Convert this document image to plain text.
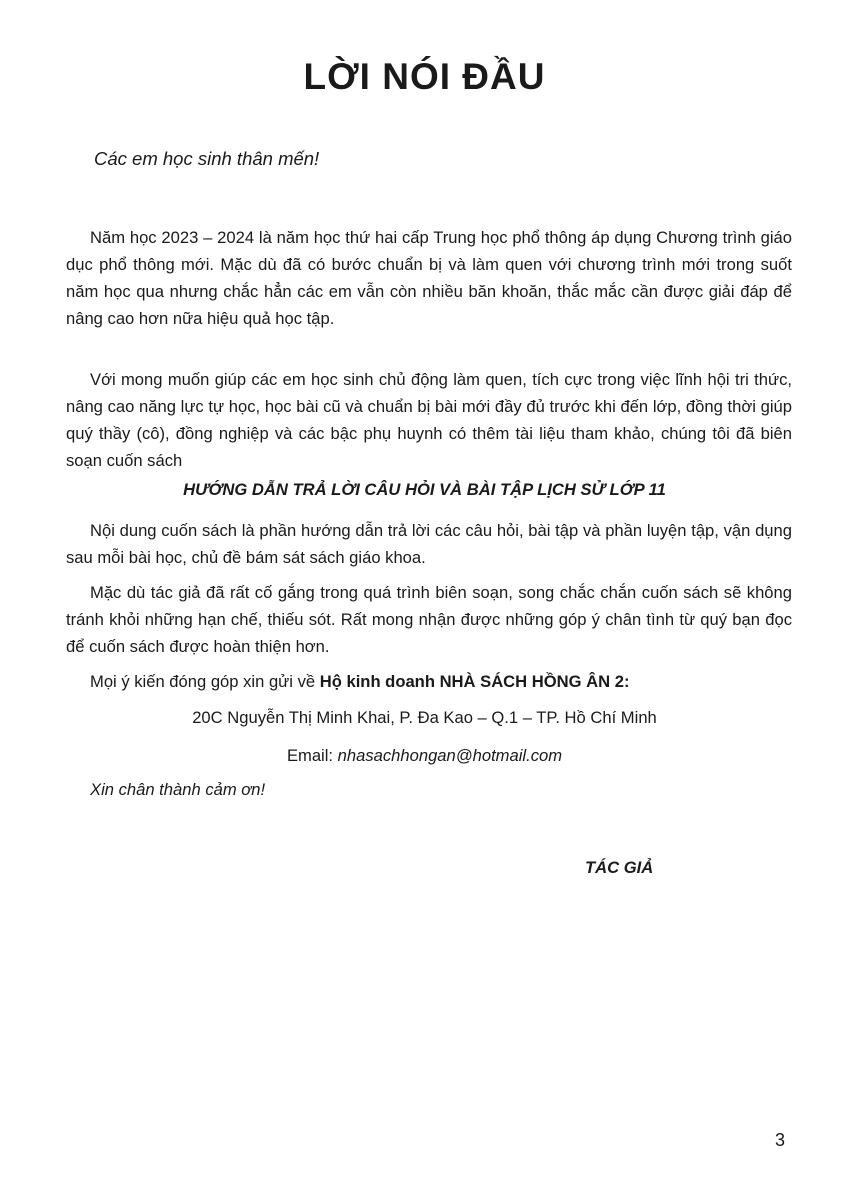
LỜI NÓI ĐẦU

Các em học sinh thân mến!

Năm học 2023 – 2024 là năm học thứ hai cấp Trung học phổ thông áp dụng Chương trình giáo dục phổ thông mới. Mặc dù đã có bước chuẩn bị và làm quen với chương trình mới trong suốt năm học qua nhưng chắc hẳn các em vẫn còn nhiều băn khoăn, thắc mắc cần được giải đáp để nâng cao hơn nữa hiệu quả học tập.

Với mong muốn giúp các em học sinh chủ động làm quen, tích cực trong việc lĩnh hội tri thức, nâng cao năng lực tự học, học bài cũ và chuẩn bị bài mới đầy đủ trước khi đến lớp, đồng thời giúp quý thầy (cô), đồng nghiệp và các bậc phụ huynh có thêm tài liệu tham khảo, chúng tôi đã biên soạn cuốn sách

HƯỚNG DẪN TRẢ LỜI CÂU HỎI VÀ BÀI TẬP LỊCH SỬ LỚP 11

Nội dung cuốn sách là phần hướng dẫn trả lời các câu hỏi, bài tập và phần luyện tập, vận dụng sau mỗi bài học, chủ đề bám sát sách giáo khoa.

Mặc dù tác giả đã rất cố gắng trong quá trình biên soạn, song chắc chắn cuốn sách sẽ không tránh khỏi những hạn chế, thiếu sót. Rất mong nhận được những góp ý chân tình từ quý bạn đọc để cuốn sách được hoàn thiện hơn.

Mọi ý kiến đóng góp xin gửi về Hộ kinh doanh NHÀ SÁCH HỒNG ÂN 2:

20C Nguyễn Thị Minh Khai, P. Đa Kao – Q.1 – TP. Hồ Chí Minh

Email: nhasachhongan@hotmail.com

Xin chân thành cảm ơn!

TÁC GIẢ

3
